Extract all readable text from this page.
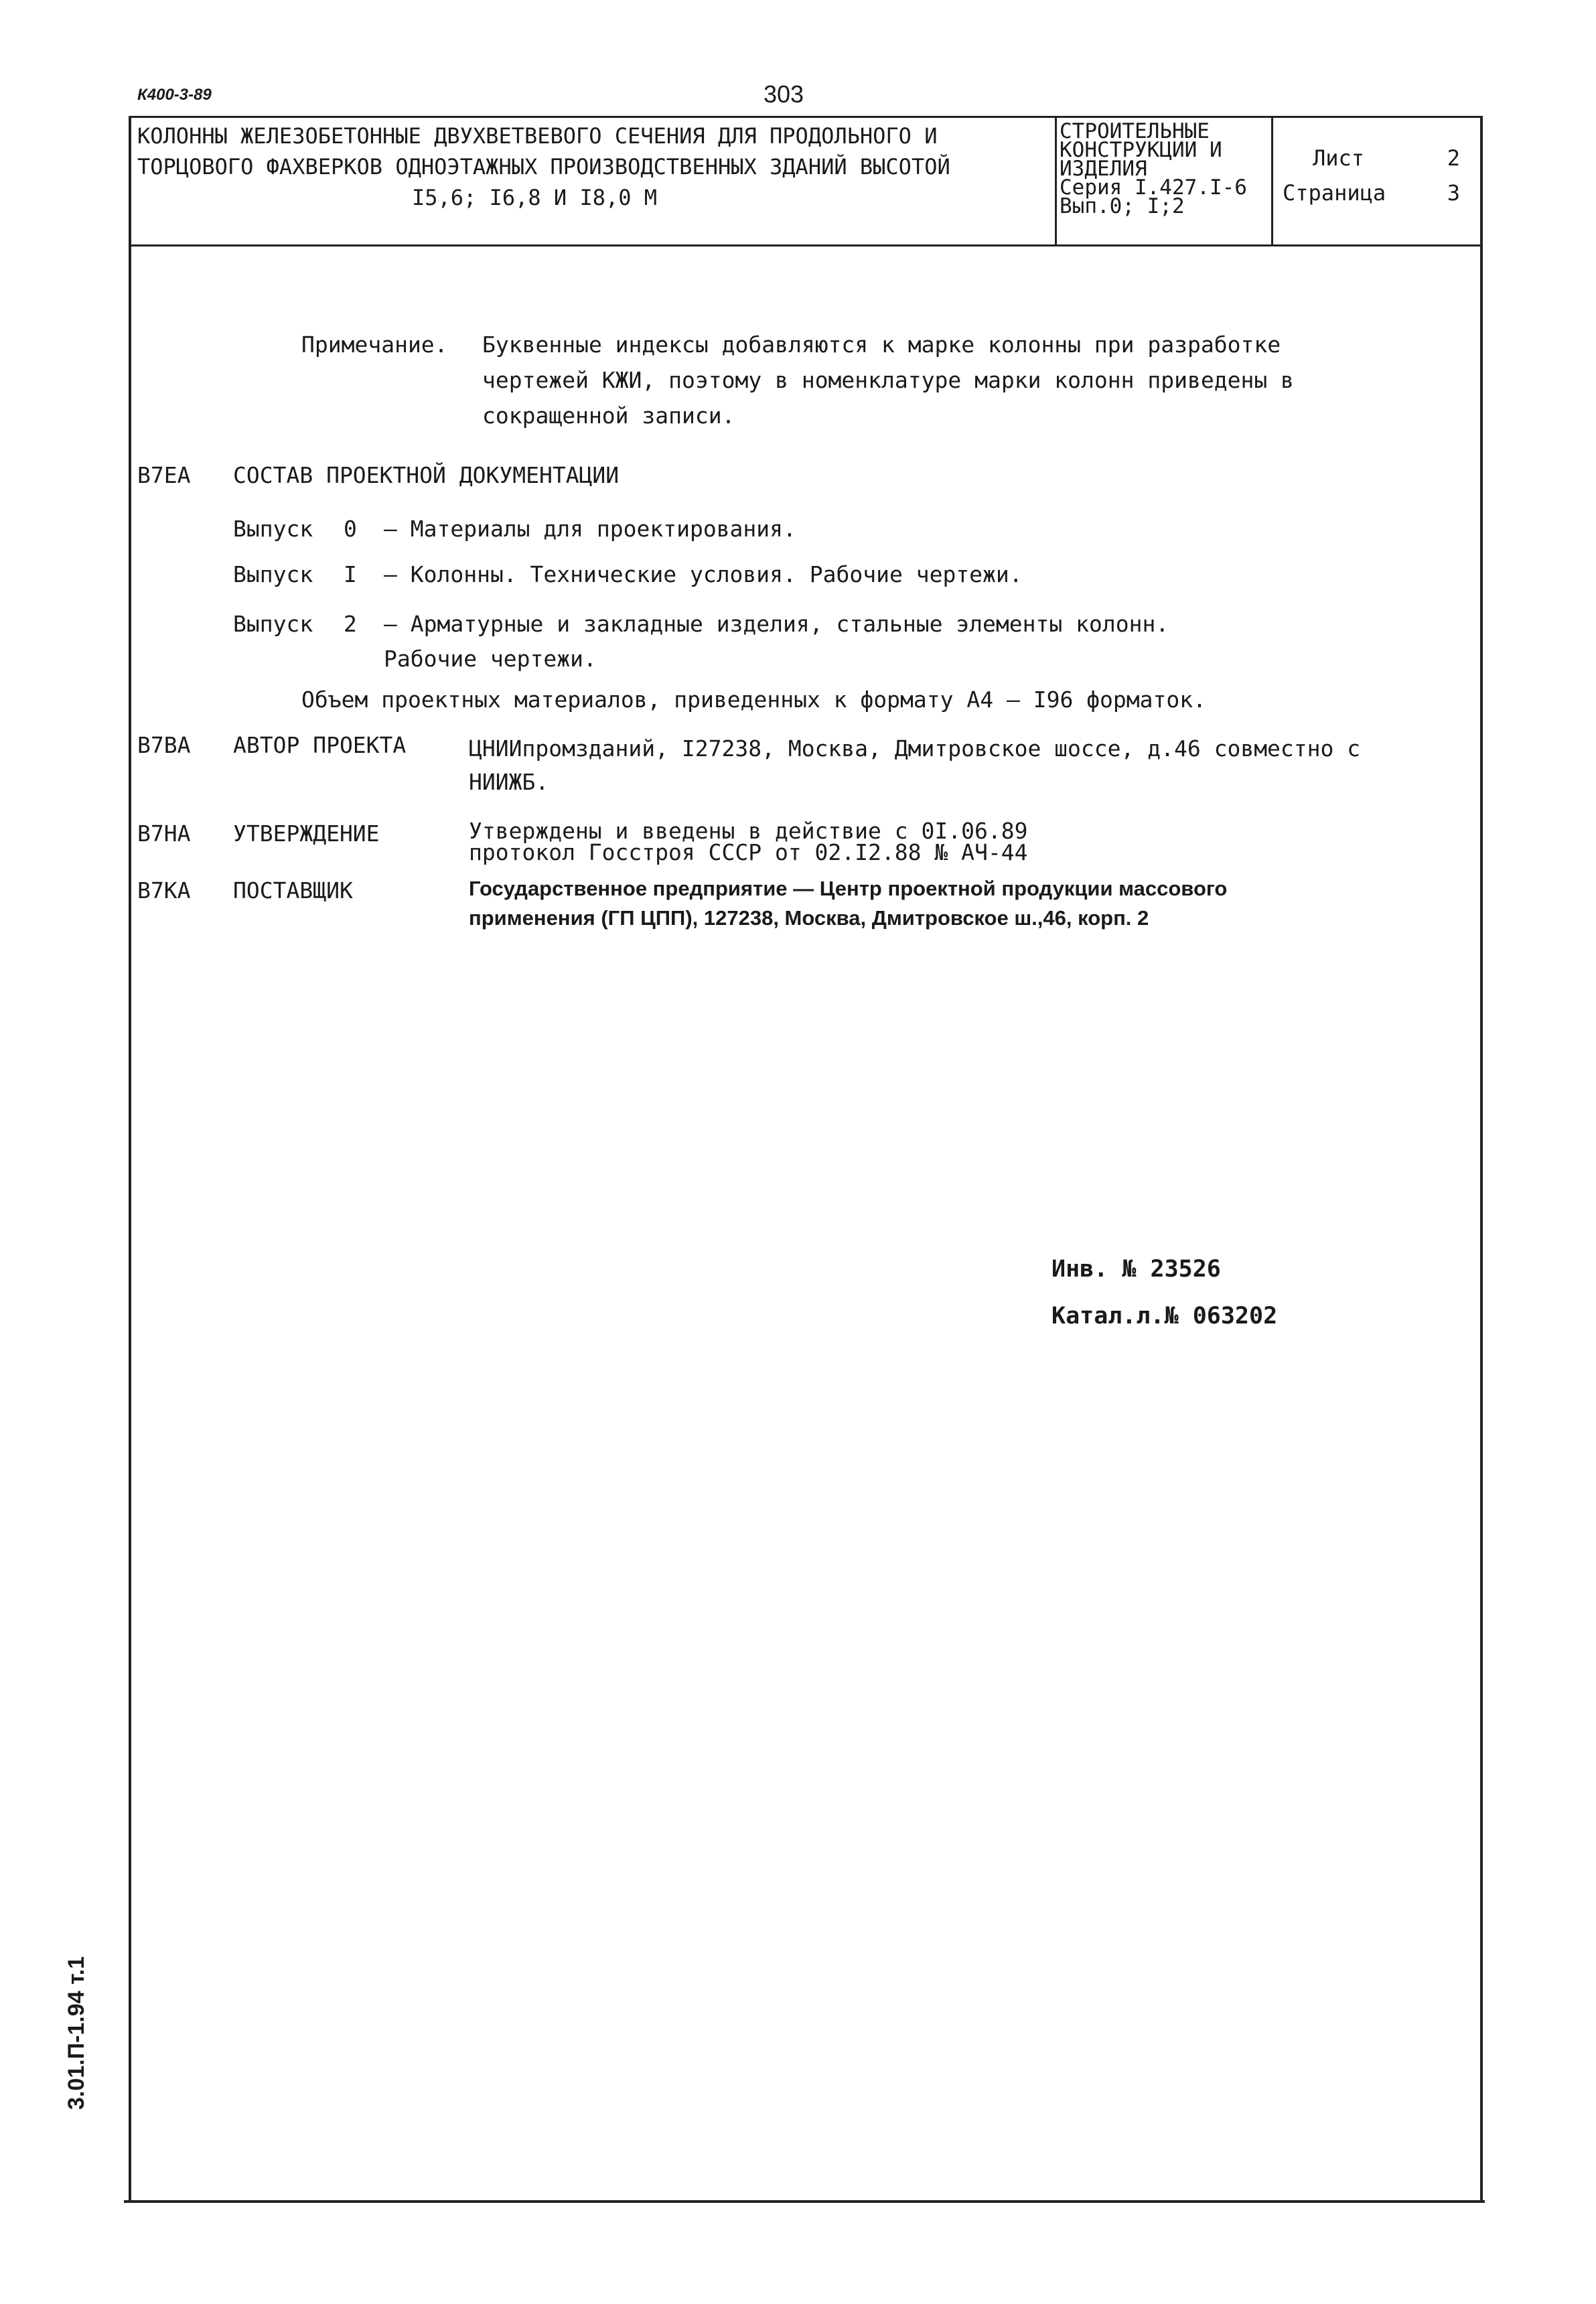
К400-3-89	303
КОЛОННЫ ЖЕЛЕЗОБЕТОННЫЕ ДВУХВЕТВЕВОГО СЕЧЕНИЯ ДЛЯ ПРОДОЛЬНОГО И
ТОРЦОВОГО ФАХВЕРКОВ ОДНОЭТАЖНЫХ ПРОИЗВОДСТВЕННЫХ ЗДАНИЙ ВЫСОТОЙ
I5,6; I6,8 И I8,0 М
СТРОИТЕЛЬНЫЕ
КОНСТРУКЦИИ И
ИЗДЕЛИЯ
Серия I.427.I-6
Вып.0; I;2
Лист	2
Страница	3
Примечание. Буквенные индексы добавляются к марке колонны при разработке чертежей КЖИ, поэтому в номенклатуре марки колонн приведены в сокращенной записи.
В7ЕА СОСТАВ ПРОЕКТНОЙ ДОКУМЕНТАЦИИ
Выпуск 0 – Материалы для проектирования.
Выпуск I – Колонны. Технические условия. Рабочие чертежи.
Выпуск 2 – Арматурные и закладные изделия, стальные элементы колонн. Рабочие чертежи.
Объем проектных материалов, приведенных к формату А4 – I96 форматок.
В7ВА АВТОР ПРОЕКТА	ЦНИИпромзданий, I27238, Москва, Дмитровское шоссе, д.46 совместно с НИИЖБ.
В7НА УТВЕРЖДЕНИЕ	Утверждены и введены в действие с 0I.06.89
протокол Госстроя СССР от 02.I2.88 № АЧ-44
В7КА ПОСТАВЩИК	Государственное предприятие — Центр проектной продукции массового
применения (ГП ЦПП), 127238, Москва, Дмитровское ш.,46, корп. 2
Инв. № 23526
Катал.л.№ 063202
3.01.П-1.94 т.1
